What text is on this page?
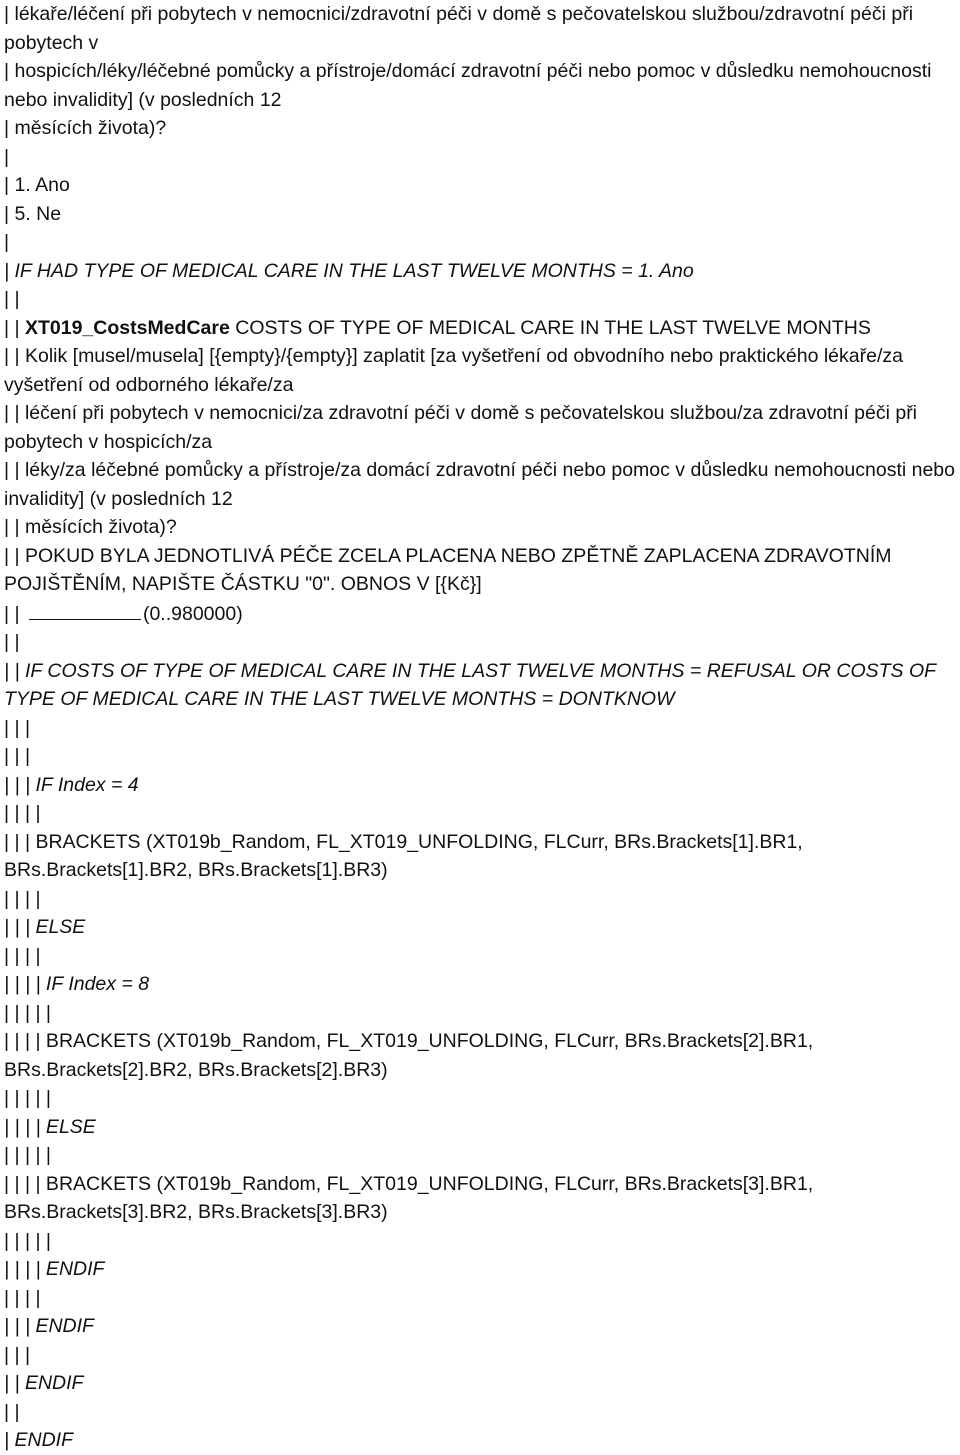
| lékaře/léčení při pobytech v nemocnici/zdravotní péči v domě s pečovatelskou službou/zdravotní péči při pobytech v
| hospicích/léky/léčebné pomůcky a přístroje/domácí zdravotní péči nebo pomoc v důsledku nemohoucnosti nebo invalidity] (v posledních 12
| měsících života)?
|
| 1. Ano
| 5. Ne
|
| IF HAD TYPE OF MEDICAL CARE IN THE LAST TWELVE MONTHS = 1. Ano
| |
| | XT019_CostsMedCare COSTS OF TYPE OF MEDICAL CARE IN THE LAST TWELVE MONTHS
| | Kolik [musel/musela] [{empty}/{empty}] zaplatit [za vyšetření od obvodního nebo praktického lékaře/za vyšetření od odborného lékaře/za
| | léčení při pobytech v nemocnici/za zdravotní péči v domě s pečovatelskou službou/za zdravotní péči při pobytech v hospicích/za
| | léky/za léčebné pomůcky a přístroje/za domácí zdravotní péči nebo pomoc v důsledku nemohoucnosti nebo invalidity] (v posledních 12
| | měsících života)?
| | POKUD BYLA JEDNOTLIVÁ PÉČE ZCELA PLACENA NEBO ZPĚTNĚ ZAPLACENA ZDRAVOTNÍM POJIŠTĚNÍM, NAPIŠTE ČÁSTKU "0". OBNOS V [{Kč}]
| |	(0..980000)
| |
| | IF COSTS OF TYPE OF MEDICAL CARE IN THE LAST TWELVE MONTHS = REFUSAL OR COSTS OF TYPE OF MEDICAL CARE IN THE LAST TWELVE MONTHS = DONTKNOW
| | |
| | |
| | | IF Index = 4
| | | |
| | | BRACKETS (XT019b_Random, FL_XT019_UNFOLDING, FLCurr, BRs.Brackets[1].BR1, BRs.Brackets[1].BR2, BRs.Brackets[1].BR3)
| | | |
| | | ELSE
| | | |
| | | | IF Index = 8
| | | | |
| | | | BRACKETS (XT019b_Random, FL_XT019_UNFOLDING, FLCurr, BRs.Brackets[2].BR1, BRs.Brackets[2].BR2, BRs.Brackets[2].BR3)
| | | | |
| | | | ELSE
| | | | |
| | | | BRACKETS (XT019b_Random, FL_XT019_UNFOLDING, FLCurr, BRs.Brackets[3].BR1, BRs.Brackets[3].BR2, BRs.Brackets[3].BR3)
| | | | |
| | | | ENDIF
| | | |
| | | ENDIF
| | |
| | ENDIF
| |
| ENDIF
